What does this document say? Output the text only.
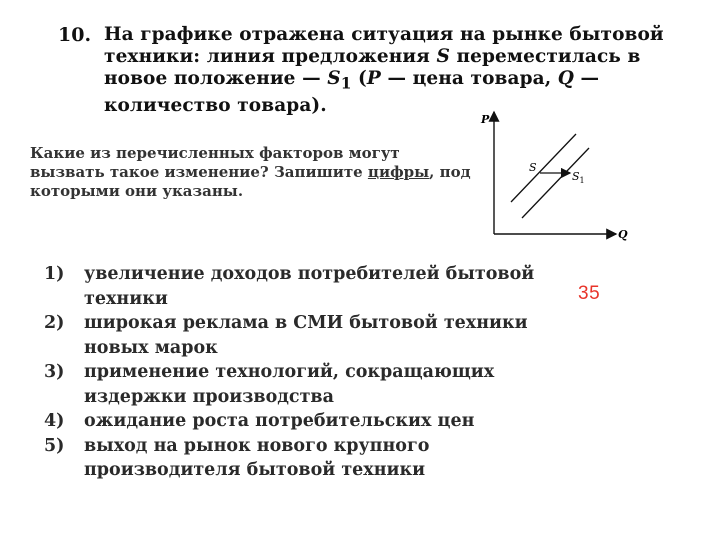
10. На графике отражена ситуация на рынке бытовой техники: линия предложения S переместилась в новое положение — $S_1$ (P — цена товара, Q — количество товара).
Какие из перечисленных факторов могут вызвать такое изменение? Запишите цифры, под которыми они указаны.
P
Q
S
$S_1$
1)	увеличение доходов потребителей бытовой техники
2)	широкая реклама в СМИ бытовой техники новых марок
3)	применение технологий, сокращающих издержки производства
4)	ожидание роста потребительских цен
5)	выход на рынок нового крупного производителя бытовой техники
35
